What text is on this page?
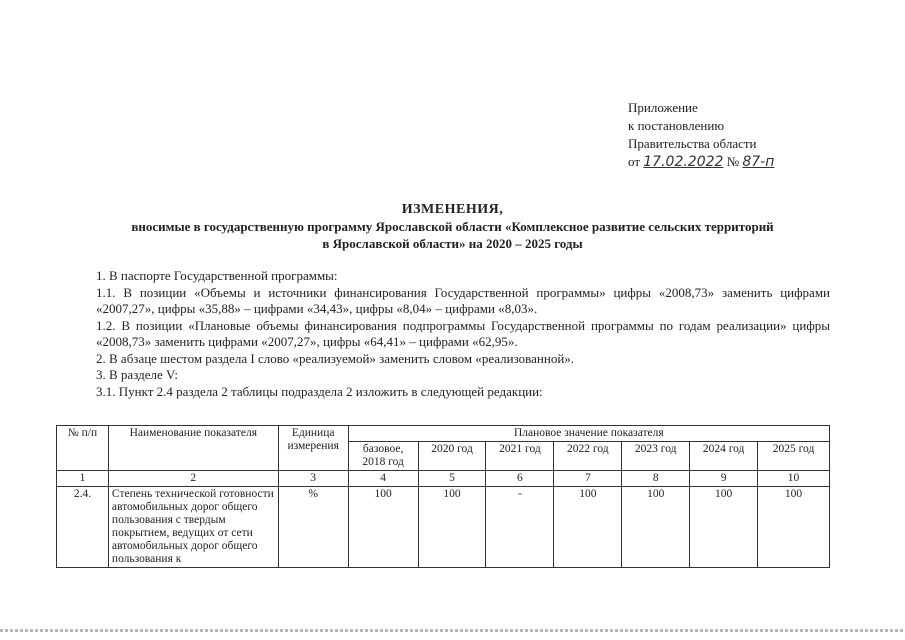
Приложение
к постановлению
Правительства области
от 17.02.2022 № 87-п
ИЗМЕНЕНИЯ,
вносимые в государственную программу Ярославской области «Комплексное развитие сельских территорий
в Ярославской области» на 2020 – 2025 годы

1. В паспорте Государственной программы:

1.1. В позиции «Объемы и источники финансирования Государственной программы» цифры «2008,73» заменить цифрами «2007,27», цифры «35,88» – цифрами «34,43», цифры «8,04» – цифрами «8,03».

1.2. В позиции «Плановые объемы финансирования подпрограммы Государственной программы по годам реализации» цифры «2008,73» заменить цифрами «2007,27», цифры «64,41» – цифрами «62,95».

2. В абзаце шестом раздела I слово «реализуемой» заменить словом «реализованной».

3. В разделе V:

3.1. Пункт 2.4 раздела 2 таблицы подраздела 2 изложить в следующей редакции:

№ п/п	Наименование показателя	Единица измерения	Плановое значение показателя						
			базовое, 2018 год	2020 год	2021 год	2022 год	2023 год	2024 год	2025 год
1	2	3	4	5	6	7	8	9	10
2.4.	Степень технической готовности автомобильных дорог общего пользования с твердым покрытием, ведущих от сети автомобильных дорог общего пользования к	%	100	100	-	100	100	100	100
